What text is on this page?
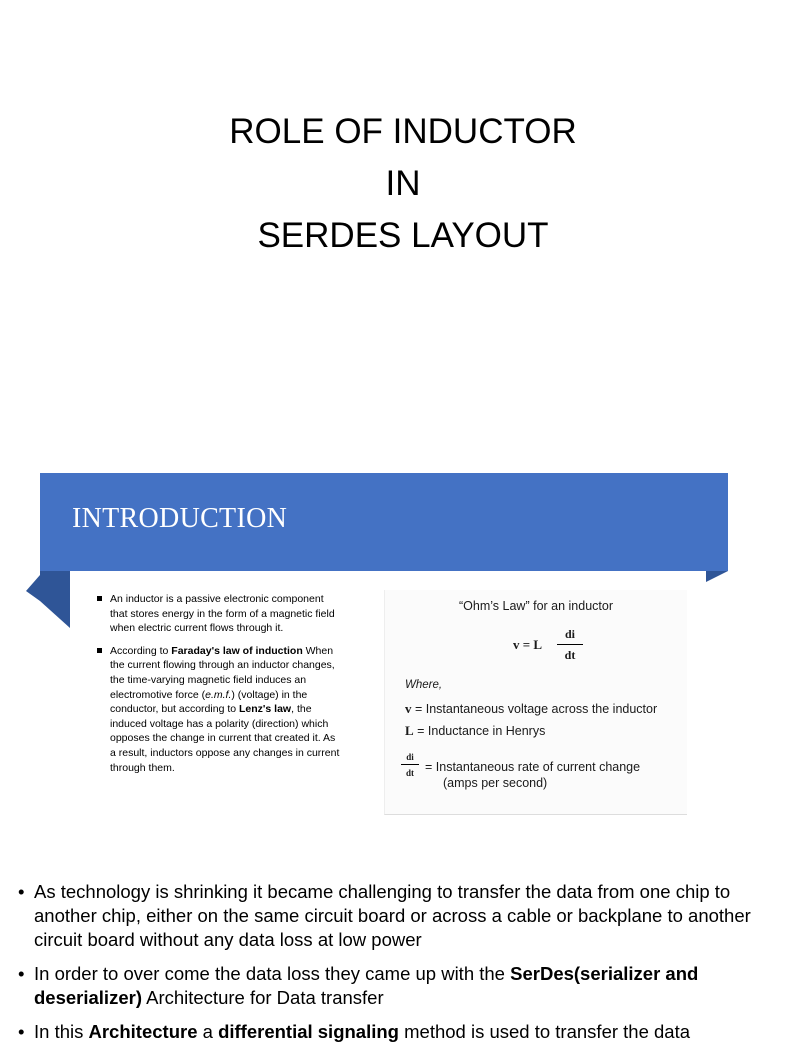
ROLE OF INDUCTOR
IN
SERDES LAYOUT
INTRODUCTION
An inductor is a passive electronic component that stores energy in the form of a magnetic field when electric current flows through it.
According to Faraday's law of induction When the current flowing through an inductor changes, the time-varying magnetic field induces an electromotive force (e.m.f.) (voltage) in the conductor, but according to Lenz's law, the induced voltage has a polarity (direction) which opposes the change in current that created it. As a result, inductors oppose any changes in current through them.
“Ohm’s Law” for an inductor
v = L
di
dt
Where,
v = Instantaneous voltage across the inductor
L = Inductance in Henrys
di
dt = Instantaneous rate of current change
(amps per second)
• As technology is shrinking it became challenging to transfer the data from one chip to another chip, either on the same circuit board or across a cable or backplane to another circuit board without any data loss at low power
• In order to over come the data loss they came up with the SerDes(serializer and deserializer) Architecture for Data transfer
• In this Architecture a differential signaling method is used to transfer the data
